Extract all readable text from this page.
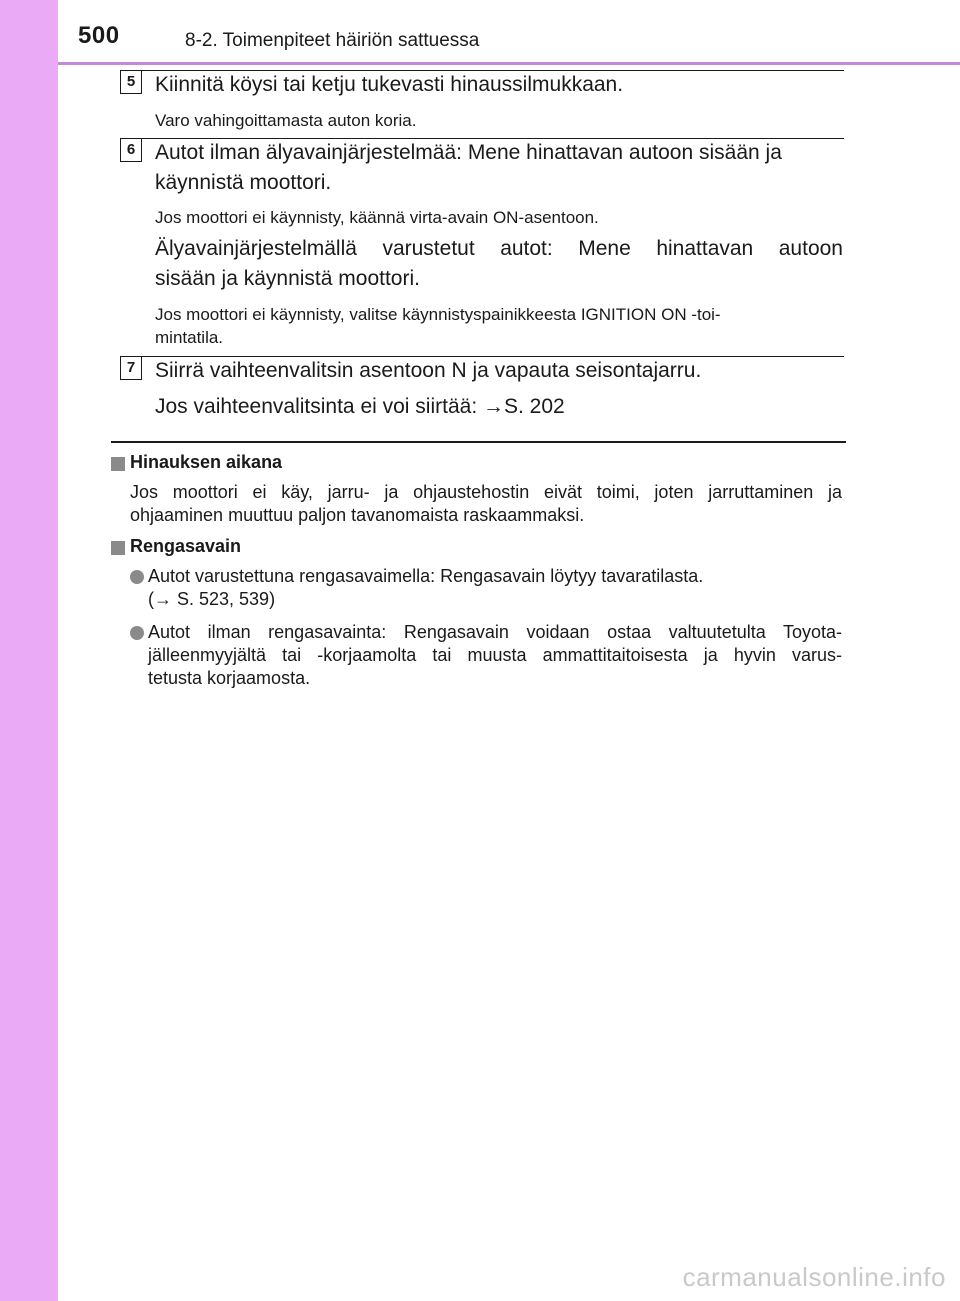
500	8-2. Toimenpiteet häiriön sattuessa
5 Kiinnitä köysi tai ketju tukevasti hinaussilmukkaan.
Varo vahingoittamasta auton koria.
6 Autot ilman älyavainjärjestelmää: Mene hinattavan autoon sisään ja
käynnistä moottori.
Jos moottori ei käynnisty, käännä virta-avain ON-asentoon.
Älyavainjärjestelmällä varustetut autot: Mene hinattavan autoon
sisään ja käynnistä moottori.
Jos moottori ei käynnisty, valitse käynnistyspainikkeesta IGNITION ON -toi-
mintatila.
7 Siirrä vaihteenvalitsin asentoon N ja vapauta seisontajarru.
Jos vaihteenvalitsinta ei voi siirtää: →S. 202
Hinauksen aikana
Jos moottori ei käy, jarru- ja ohjaustehostin eivät toimi, joten jarruttaminen ja
ohjaaminen muuttuu paljon tavanomaista raskaammaksi.
Rengasavain
Autot varustettuna rengasavaimella: Rengasavain löytyy tavaratilasta.
(→ S. 523, 539)
Autot ilman rengasavainta: Rengasavain voidaan ostaa valtuutetulta Toyota-
jälleenmyyjältä tai -korjaamolta tai muusta ammattitaitoisesta ja hyvin varus-
tetusta korjaamosta.
carmanualsonline.info
